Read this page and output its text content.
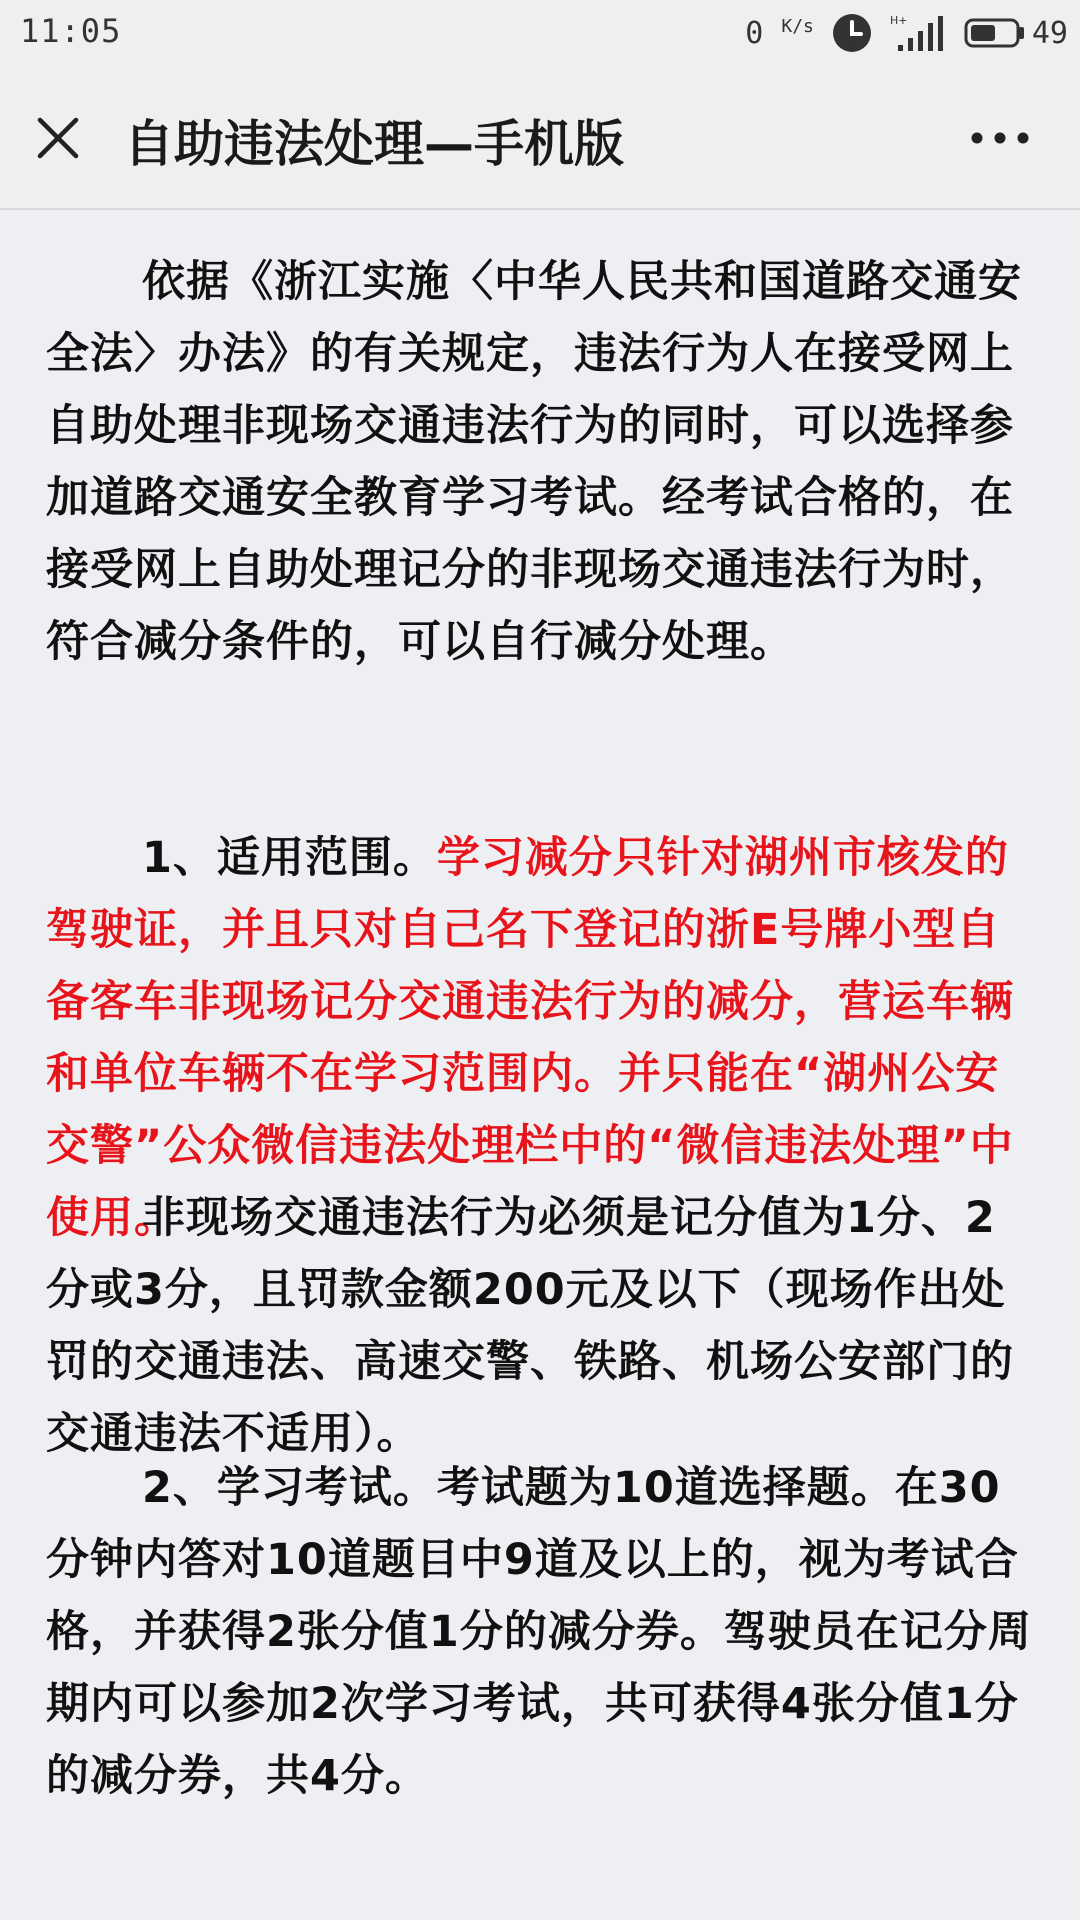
11:05	0 $^{K/s}$	H+	49
自助违法处理—手机版
依据《浙江实施〈中华人民共和国道路交通安全法〉办法》的有关规定，违法行为人在接受网上自助处理非现场交通违法行为的同时，可以选择参加道路交通安全教育学习考试。经考试合格的，在接受网上自助处理记分的非现场交通违法行为时，符合减分条件的，可以自行减分处理。
1、适用范围。学习减分只针对湖州市核发的驾驶证，并且只对自己名下登记的浙E号牌小型自备客车非现场记分交通违法行为的减分，营运车辆和单位车辆不在学习范围内。并只能在“湖州公安交警”公众微信违法处理栏中的“微信违法处理”中使用。
非现场交通违法行为必须是记分值为1分、2分或3分，且罚款金额200元及以下（现场作出处罚的交通违法、高速交警、铁路、机场公安部门的交通违法不适用）。
2、学习考试。考试题为10道选择题。在30分钟内答对10道题目中9道及以上的，视为考试合格，并获得2张分值1分的减分券。驾驶员在记分周期内可以参加2次学习考试，共可获得4张分值1分的减分券，共4分。
